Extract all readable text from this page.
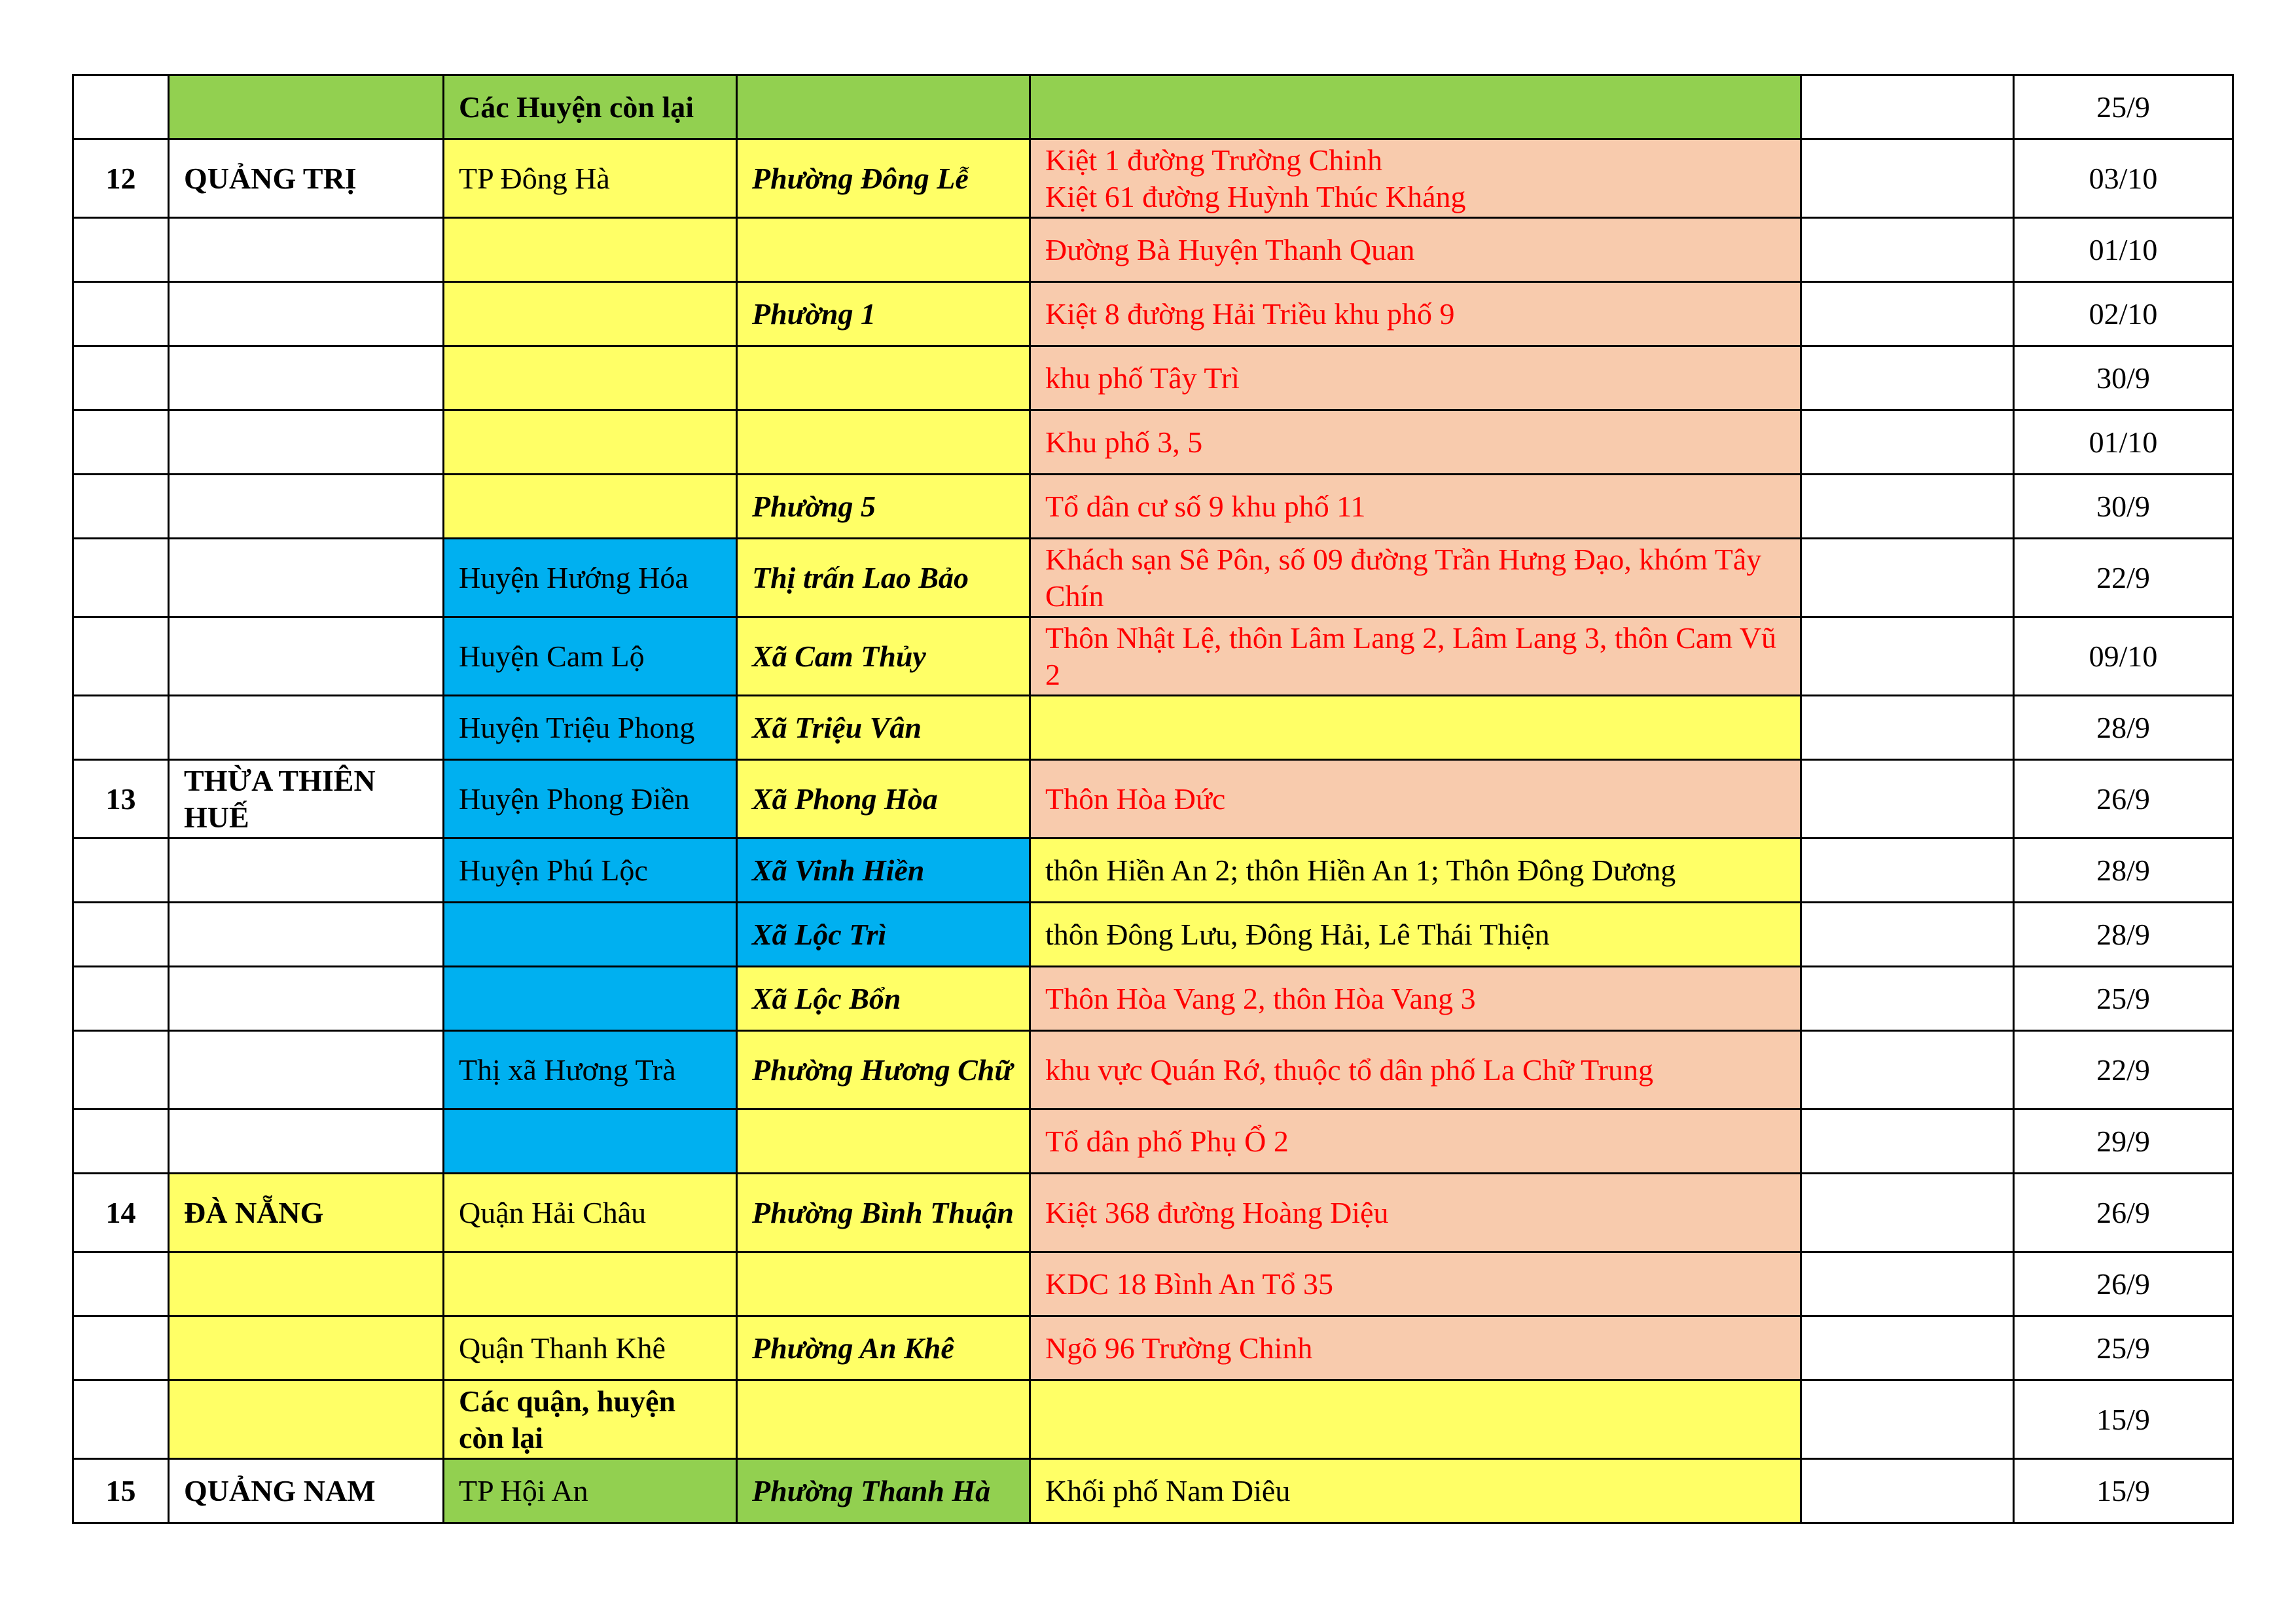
		Các Huyện còn lại				25/9

12	QUẢNG TRỊ	TP Đông Hà	Phường Đông Lễ	Kiệt 1 đường Trường Chinh
Kiệt 61 đường Huỳnh Thúc Kháng		03/10

				Đường Bà Huyện Thanh Quan		01/10

			Phường 1	Kiệt 8 đường Hải Triều khu phố 9		02/10

				khu phố Tây Trì		30/9

				Khu phố 3, 5		01/10

			Phường 5	Tổ dân cư số 9 khu phố 11		30/9

		Huyện Hướng Hóa	Thị trấn Lao Bảo	Khách sạn Sê Pôn, số 09 đường Trần Hưng Đạo, khóm Tây Chín		22/9

		Huyện Cam Lộ	Xã Cam Thủy	Thôn Nhật Lệ, thôn Lâm Lang 2, Lâm Lang 3, thôn Cam Vũ 2		09/10

		Huyện Triệu Phong	Xã Triệu Vân			28/9

13	THỪA THIÊN HUẾ	Huyện Phong Điền	Xã Phong Hòa	Thôn Hòa Đức		26/9

		Huyện Phú Lộc	Xã Vinh Hiền	thôn Hiền An 2; thôn Hiền An 1; Thôn Đông Dương		28/9

			Xã Lộc Trì	thôn Đông Lưu, Đông Hải, Lê Thái Thiện		28/9

			Xã Lộc Bổn	Thôn Hòa Vang 2, thôn Hòa Vang 3		25/9

		Thị xã Hương Trà	Phường Hương Chữ	khu vực Quán Rớ, thuộc tổ dân phố La Chữ Trung		22/9

				Tổ dân phố Phụ Ổ 2		29/9

14	ĐÀ NẴNG	Quận Hải Châu	Phường Bình Thuận	Kiệt 368 đường Hoàng Diệu		26/9

				KDC 18 Bình An Tổ 35		26/9

		Quận Thanh Khê	Phường An Khê	Ngõ 96 Trường Chinh		25/9

		Các quận, huyện còn lại				15/9

15	QUẢNG NAM	TP Hội An	Phường Thanh Hà	Khối phố Nam Diêu		15/9
